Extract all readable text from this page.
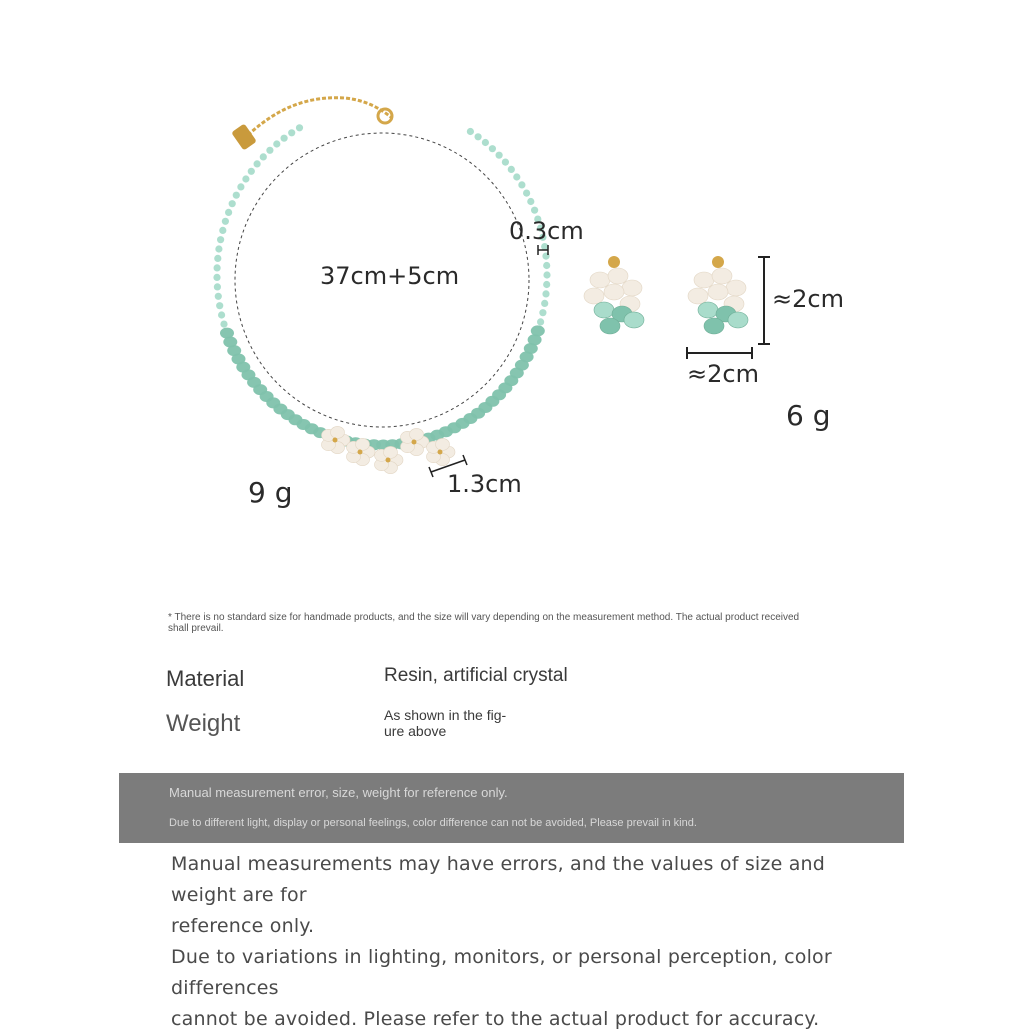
37cm+5cm
0.3cm
1.3cm
9 g
≈2cm
≈2cm
6 g
* There is no standard size for handmade products, and the size will vary depending on the measurement method. The actual product received shall prevail.
Material	Resin, artificial crystal
Weight	As shown in the fig-
ure above
Manual measurement error, size, weight for reference only.
Due to different light, display or personal feelings, color difference can not be avoided, Please prevail in kind.
Manual measurements may have errors, and the values of size and weight are for
reference only.
Due to variations in lighting, monitors, or personal perception, color differences
cannot be avoided. Please refer to the actual product for accuracy.
